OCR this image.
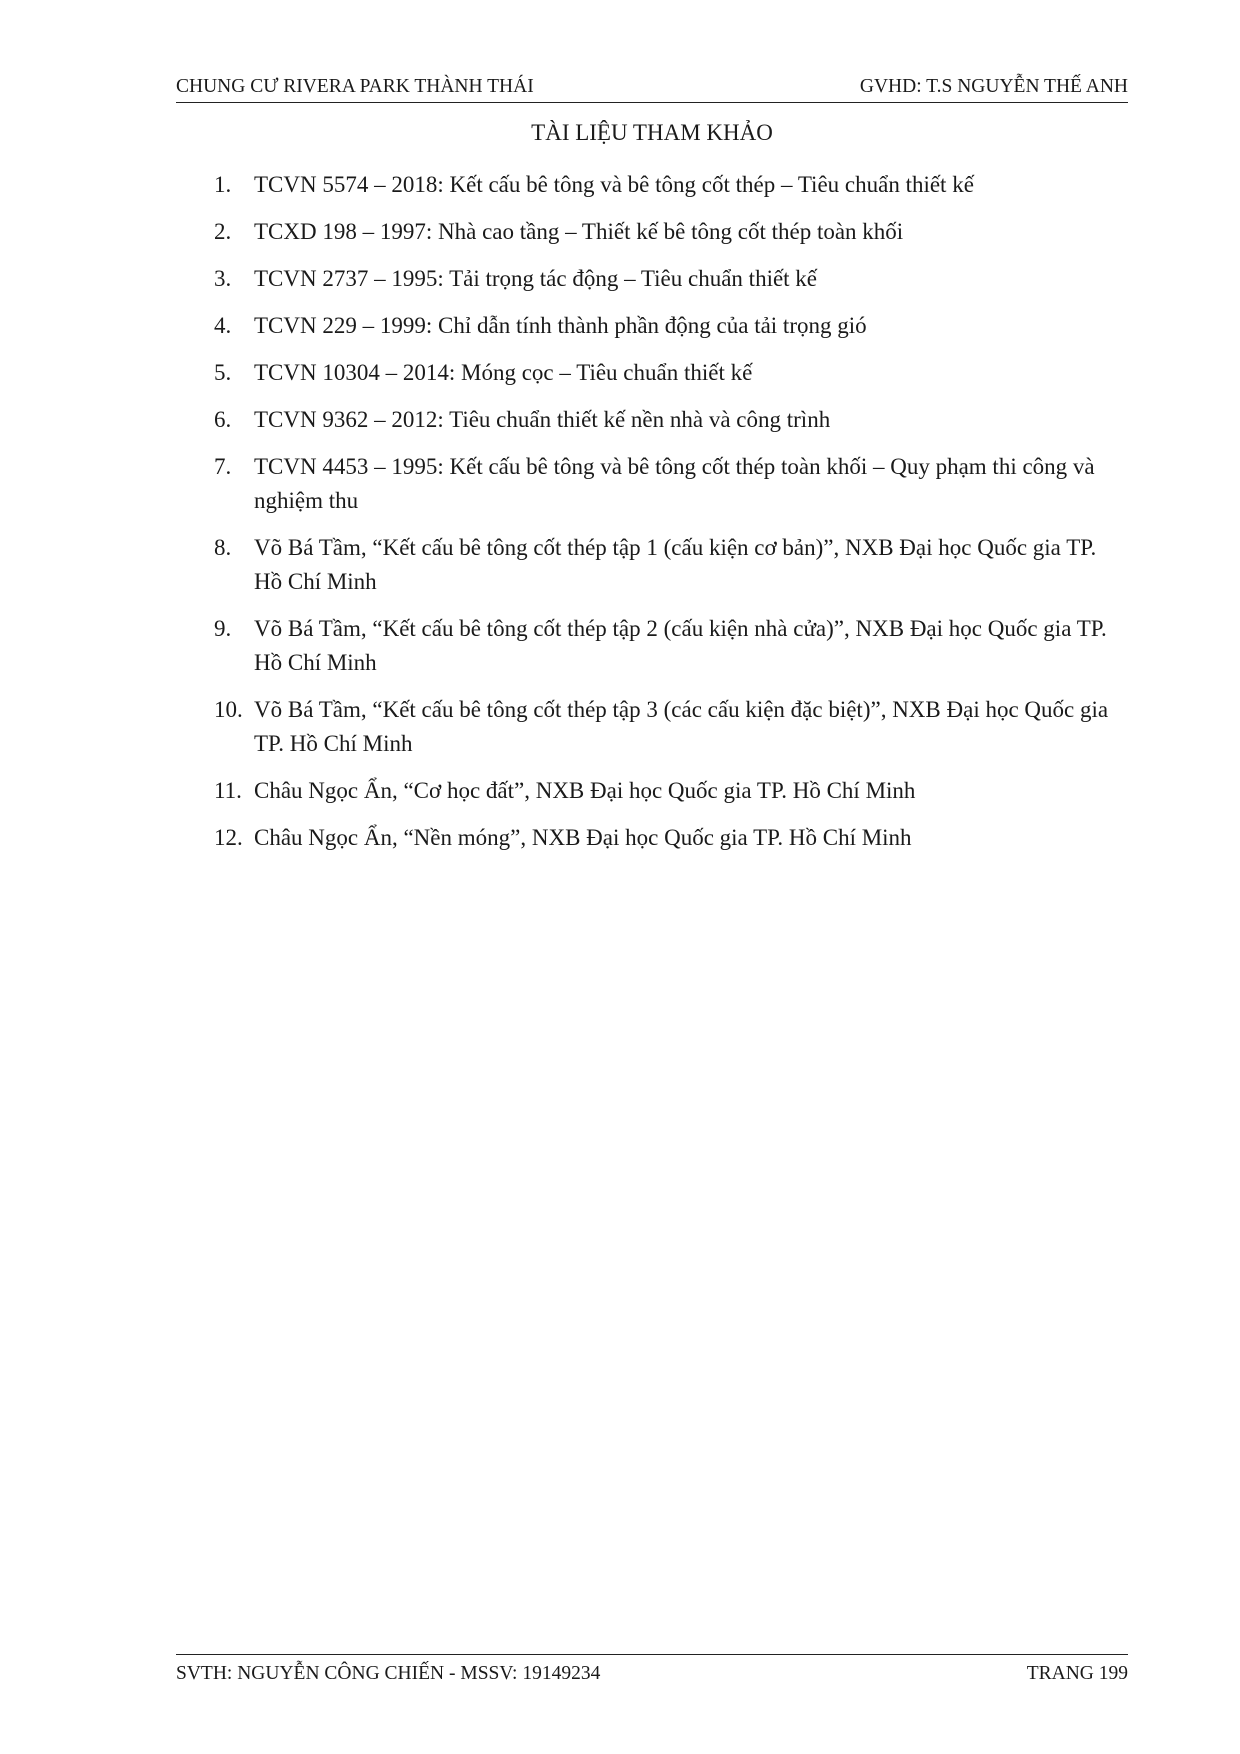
CHUNG CƯ RIVERA PARK THÀNH THÁI	GVHD: T.S NGUYỄN THẾ ANH
TÀI LIỆU THAM KHẢO
1. TCVN 5574 – 2018: Kết cấu bê tông và bê tông cốt thép – Tiêu chuẩn thiết kế
2. TCXD 198 – 1997: Nhà cao tầng – Thiết kế bê tông cốt thép toàn khối
3. TCVN 2737 – 1995: Tải trọng tác động – Tiêu chuẩn thiết kế
4. TCVN 229 – 1999: Chỉ dẫn tính thành phần động của tải trọng gió
5. TCVN 10304 – 2014: Móng cọc – Tiêu chuẩn thiết kế
6. TCVN 9362 – 2012: Tiêu chuẩn thiết kế nền nhà và công trình
7. TCVN 4453 – 1995: Kết cấu bê tông và bê tông cốt thép toàn khối – Quy phạm thi công và nghiệm thu
8. Võ Bá Tầm, “Kết cấu bê tông cốt thép tập 1 (cấu kiện cơ bản)”, NXB Đại học Quốc gia TP. Hồ Chí Minh
9. Võ Bá Tầm, “Kết cấu bê tông cốt thép tập 2 (cấu kiện nhà cửa)”, NXB Đại học Quốc gia TP. Hồ Chí Minh
10. Võ Bá Tầm, “Kết cấu bê tông cốt thép tập 3 (các cấu kiện đặc biệt)”, NXB Đại học Quốc gia TP. Hồ Chí Minh
11. Châu Ngọc Ẩn, “Cơ học đất”, NXB Đại học Quốc gia TP. Hồ Chí Minh
12. Châu Ngọc Ẩn, “Nền móng”, NXB Đại học Quốc gia TP. Hồ Chí Minh
SVTH: NGUYỄN CÔNG CHIẾN - MSSV: 19149234	TRANG 199
